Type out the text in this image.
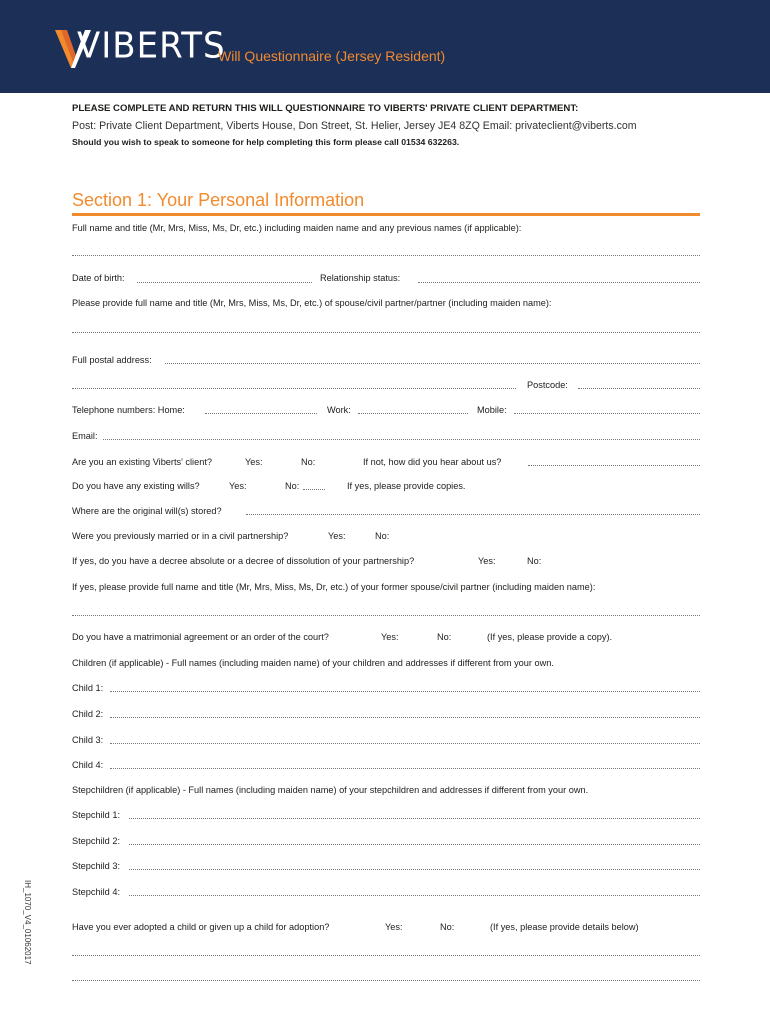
VIBERTS
Will Questionnaire (Jersey Resident)
PLEASE COMPLETE AND RETURN THIS WILL QUESTIONNAIRE TO VIBERTS' PRIVATE CLIENT DEPARTMENT:
Post: Private Client Department, Viberts House, Don Street, St. Helier, Jersey JE4 8ZQ Email: privateclient@viberts.com
Should you wish to speak to someone for help completing this form please call 01534 632263.
Section 1: Your Personal Information
Full name and title (Mr, Mrs, Miss, Ms, Dr, etc.) including maiden name and any previous names (if applicable):
Date of birth:	Relationship status:
Please provide full name and title (Mr, Mrs, Miss, Ms, Dr, etc.) of spouse/civil partner/partner (including maiden name):
Full postal address:
Postcode:
Telephone numbers: Home:	Work:	Mobile:
Email:
Are you an existing Viberts' client?	Yes:	No:	If not, how did you hear about us?
Do you have any existing wills?	Yes:	No:	If yes, please provide copies.
Where are the original will(s) stored?
Were you previously married or in a civil partnership?	Yes:	No:
If yes, do you have a decree absolute or a decree of dissolution of your partnership?	Yes:	No:
If yes, please provide full name and title (Mr, Mrs, Miss, Ms, Dr, etc.) of your former spouse/civil partner (including maiden name):
Do you have a matrimonial agreement or an order of the court?	Yes:	No:	(If yes, please provide a copy).
Children (if applicable) - Full names (including maiden name) of your children and addresses if different from your own.
Child 1:
Child 2:
Child 3:
Child 4:
Stepchildren (if applicable) - Full names (including maiden name) of your stepchildren and addresses if different from your own.
Stepchild 1:
Stepchild 2:
Stepchild 3:
Stepchild 4:
Have you ever adopted a child or given up a child for adoption?	Yes:	No:	(If yes, please provide details below)
IH_1070_V4_01062017
